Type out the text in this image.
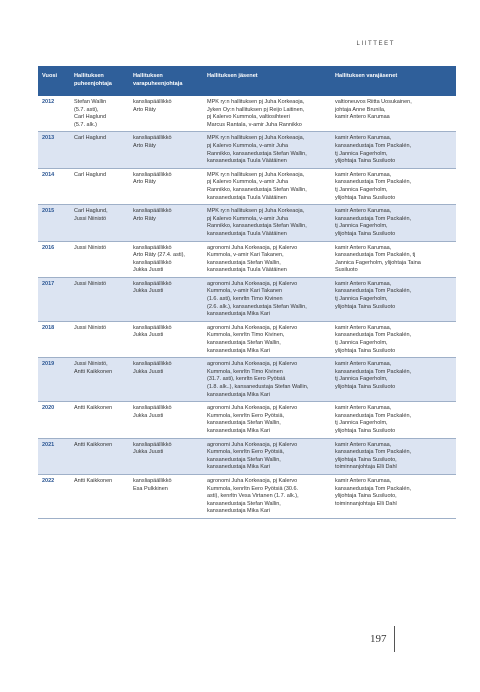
LIITTEET
Vuosi	Hallituksen
puheenjohtaja	Hallituksen
varapuheenjohtaja	Hallituksen jäsenet	Hallituksen varajäsenet

2012	Stefan Wallin
(5.7. asti),
Carl Haglund
(5.7. alk.)	kansliapäällikkö
Arto Räty	MPK ry:n hallituksen pj Juha Korkeaoja,
Jyken Oy:n hallituksen pj Reijo Laitinen,
pj Kalervo Kummola, valtiosihteeri
Marcus Rantala, v-amir Juha Rannikko	valtioneuvos Riitta Uosukainen,
johtaja Anne Brunila,
kamir Antero Karumaa

2013	Carl Haglund	kansliapäällikkö
Arto Räty	MPK ry:n hallituksen pj Juha Korkeaoja,
pj Kalervo Kummola, v-amir Juha
Rannikko, kansanedustaja Stefan Wallin,
kansanedustaja Tuula Väätäinen	kamir Antero Karumaa,
kansanedustaja Tom Packalén,
tj Jannica Fagerholm,
ylijohtaja Taina Susiluoto

2014	Carl Haglund	kansliapäällikkö
Arto Räty	MPK ry:n hallituksen pj Juha Korkeaoja,
pj Kalervo Kummola, v-amir Juha
Rannikko, kansanedustaja Stefan Wallin,
kansanedustaja Tuula Väätäinen	kamir Antero Karumaa,
kansanedustaja Tom Packalén,
tj Jannica Fagerholm,
ylijohtaja Taina Susiluoto

2015	Carl Haglund,
Jussi Niinistö	kansliapäällikkö
Arto Räty	MPK ry:n hallituksen pj Juha Korkeaoja,
pj Kalervo Kummola, v-amir Juha
Rannikko, kansanedustaja Stefan Wallin,
kansanedustaja Tuula Väätäinen	kamir Antero Karumaa,
kansanedustaja Tom Packalén,
tj Jannica Fagerholm,
ylijohtaja Taina Susiluoto

2016	Jussi Niinistö	kansliapäällikkö
Arto Räty (27.4. asti),
kansliapäällikkö
Jukka Juusti	agronomi Juha Korkeaoja, pj Kalervo
Kummola, v-amir Kari Takanen,
kansanedustaja Stefan Wallin,
kansanedustaja Tuula Väätäinen	kamir Antero Karumaa,
kansanedustaja Tom Packalén, tj
Jannica Fagerholm, ylijohtaja Taina
Susiluoto

2017	Jussi Niinistö	kansliapäällikkö
Jukka Juusti	agronomi Juha Korkeaoja, pj Kalervo
Kummola, v-amir Kari Takanen
(1.6. asti), kenrltn Timo Kivinen
(2.6. alk.), kansanedustaja Stefan Wallin,
kansanedustaja Mika Kari	kamir Antero Karumaa,
kansanedustaja Tom Packalén,
tj Jannica Fagerholm,
ylijohtaja Taina Susiluoto

2018	Jussi Niinistö	kansliapäällikkö
Jukka Juusti	agronomi Juha Korkeaoja, pj Kalervo
Kummola, kenrltn Timo Kivinen,
kansanedustaja Stefan Wallin,
kansanedustaja Mika Kari	kamir Antero Karumaa,
kansanedustaja Tom Packalén,
tj Jannica Fagerholm,
ylijohtaja Taina Susiluoto

2019	Jussi Niinistö,
Antti Kaikkonen	kansliapäällikkö
Jukka Juusti	agronomi Juha Korkeaoja, pj Kalervo
Kummola, kenrltn Timo Kivinen
(31.7. asti), kenrltn Eero Pyötsiä
(1.8. alk..), kansanedustaja Stefan Wallin,
kansanedustaja Mika Kari	kamir Antero Karumaa,
kansanedustaja Tom Packalén,
tj Jannica Fagerholm,
ylijohtaja Taina Susiluoto

2020	Antti Kaikkonen	kansliapäällikkö
Jukka Juusti	agronomi Juha Korkeaoja, pj Kalervo
Kummola, kenrltn Eero Pyötsiä,
kansanedustaja Stefan Wallin,
kansanedustaja Mika Kari	kamir Antero Karumaa,
kansanedustaja Tom Packalén,
tj Jannica Fagerholm,
ylijohtaja Taina Susiluoto

2021	Antti Kaikkonen	kansliapäällikkö
Jukka Juusti	agronomi Juha Korkeaoja, pj Kalervo
Kummola, kenrltn Eero Pyötsiä,
kansanedustaja Stefan Wallin,
kansanedustaja Mika Kari	kamir Antero Karumaa,
kansanedustaja Tom Packalén,
ylijohtaja Taina Susiluoto,
toiminnanjohtaja Elli Dahl

2022	Antti Kaikkonen	kansliapäällikkö
Esa Pulkkinen	agronomi Juha Korkeaoja, pj Kalervo
Kummola, kenrltn Eero Pyötsiä (30.6.
asti), kenrltn Vesa Virtanen (1.7. alk.),
kansanedustaja Stefan Wallin,
kansanedustaja Mika Kari	kamir Antero Karumaa,
kansanedustaja Tom Packalén,
ylijohtaja Taina Susiluoto,
toiminnanjohtaja Elli Dahl
197
